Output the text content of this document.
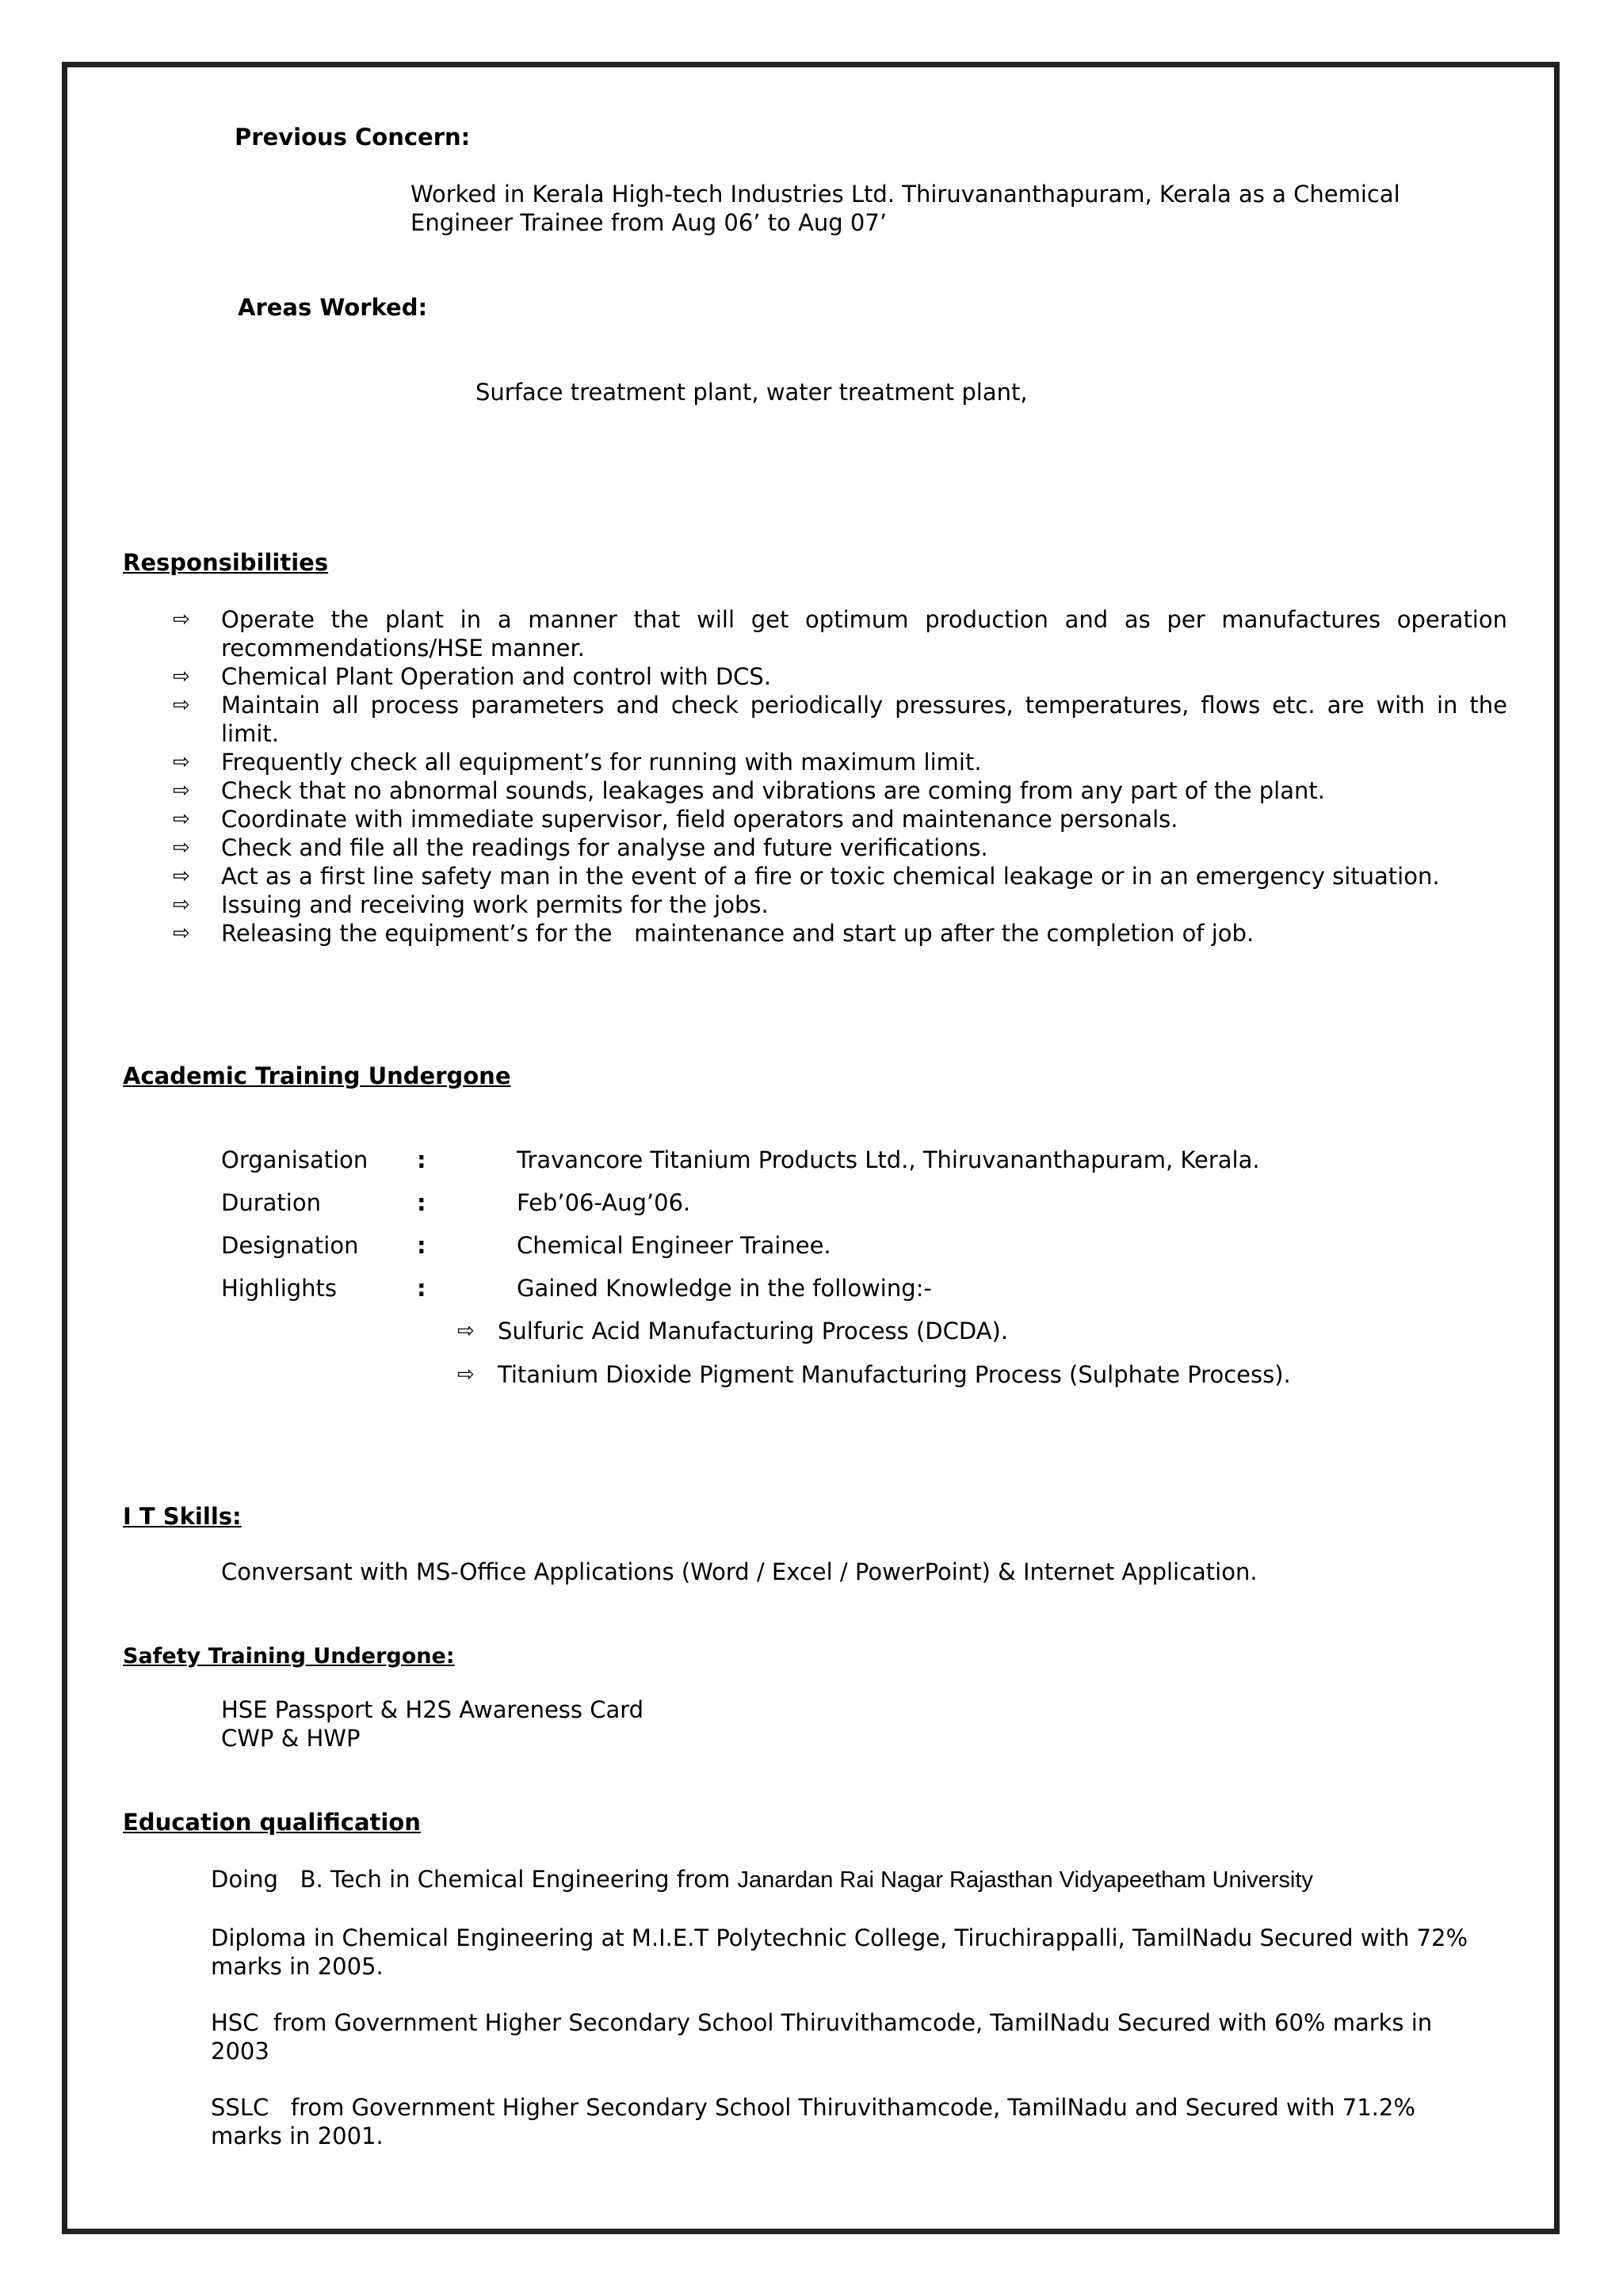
Previous Concern:
Worked in Kerala High-tech Industries Ltd. Thiruvananthapuram, Kerala as a Chemical
Engineer Trainee from Aug 06’ to Aug 07’
Areas Worked:
Surface treatment plant, water treatment plant,
Responsibilities
⇨ Operate the plant in a manner that will get optimum production and as per manufactures operation recommendations/HSE manner.
⇨ Chemical Plant Operation and control with DCS.
⇨ Maintain all process parameters and check periodically pressures, temperatures, flows etc. are with in the limit.
⇨ Frequently check all equipment’s for running with maximum limit.
⇨ Check that no abnormal sounds, leakages and vibrations are coming from any part of the plant.
⇨ Coordinate with immediate supervisor, field operators and maintenance personals.
⇨ Check and file all the readings for analyse and future verifications.
⇨ Act as a first line safety man in the event of a fire or toxic chemical leakage or in an emergency situation.
⇨ Issuing and receiving work permits for the jobs.
⇨ Releasing the equipment’s for the   maintenance and start up after the completion of job.
Academic Training Undergone
Organisation :	Travancore Titanium Products Ltd., Thiruvananthapuram, Kerala.
Duration	:	Feb’06-Aug’06.
Designation	:	Chemical Engineer Trainee.
Highlights	:	Gained Knowledge in the following:-
⇨ Sulfuric Acid Manufacturing Process (DCDA).
⇨ Titanium Dioxide Pigment Manufacturing Process (Sulphate Process).
I T Skills:
Conversant with MS-Office Applications (Word / Excel / PowerPoint) & Internet Application.
Safety Training Undergone:
HSE Passport & H2S Awareness Card
CWP & HWP
Education qualification
Doing   B. Tech in Chemical Engineering from Janardan Rai Nagar Rajasthan Vidyapeetham University
Diploma in Chemical Engineering at M.I.E.T Polytechnic College, Tiruchirappalli, TamilNadu Secured with 72%
marks in 2005.
HSC  from Government Higher Secondary School Thiruvithamcode, TamilNadu Secured with 60% marks in
2003
SSLC   from Government Higher Secondary School Thiruvithamcode, TamilNadu and Secured with 71.2%
marks in 2001.
